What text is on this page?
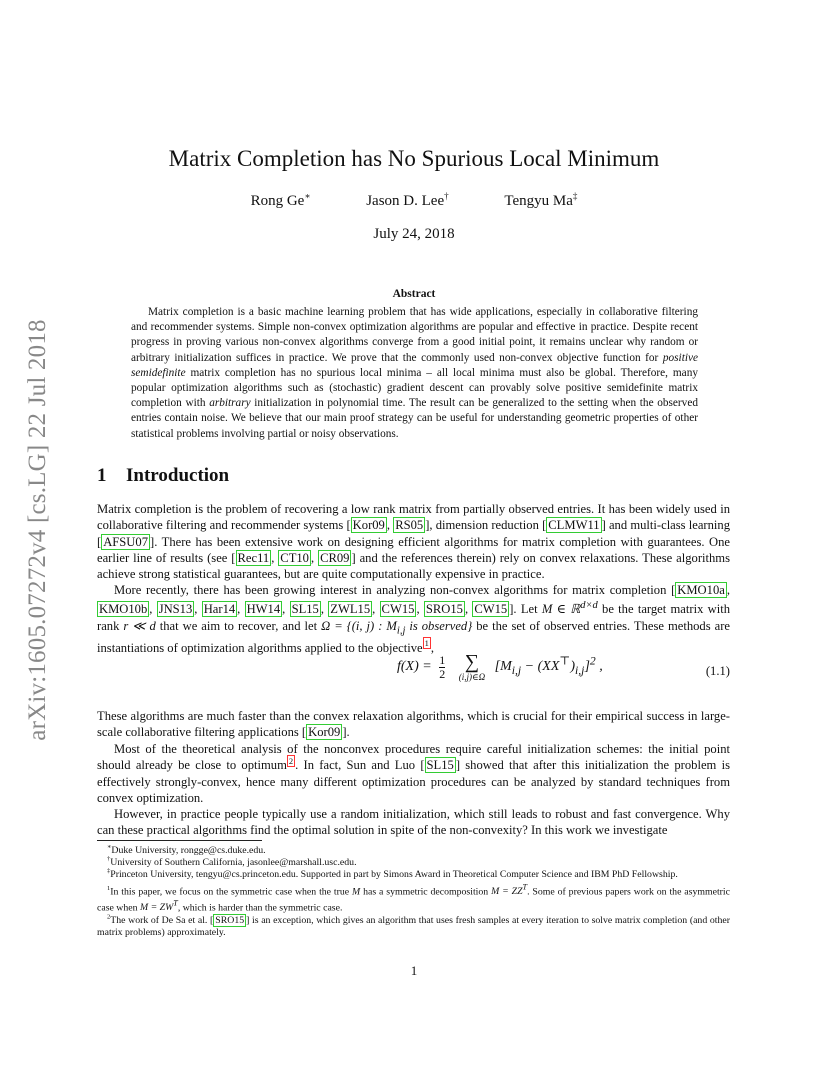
arXiv:1605.07272v4 [cs.LG] 22 Jul 2018
Matrix Completion has No Spurious Local Minimum
Rong Ge∗	Jason D. Lee†	Tengyu Ma‡
July 24, 2018
Abstract
Matrix completion is a basic machine learning problem that has wide applications, especially in collaborative filtering and recommender systems. Simple non-convex optimization algorithms are popular and effective in practice. Despite recent progress in proving various non-convex algorithms converge from a good initial point, it remains unclear why random or arbitrary initialization suffices in practice. We prove that the commonly used non-convex objective function for positive semidefinite matrix completion has no spurious local minima – all local minima must also be global. Therefore, many popular optimization algorithms such as (stochastic) gradient descent can provably solve positive semidefinite matrix completion with arbitrary initialization in polynomial time. The result can be generalized to the setting when the observed entries contain noise. We believe that our main proof strategy can be useful for understanding geometric properties of other statistical problems involving partial or noisy observations.
1 Introduction
Matrix completion is the problem of recovering a low rank matrix from partially observed entries. It has been widely used in collaborative filtering and recommender systems [ Kor09 , RS05 ], dimension reduction [ CLMW11 ] and multi-class learning [ AFSU07 ]. There has been extensive work on designing efficient algorithms for matrix completion with guarantees. One earlier line of results (see [ Rec11 , CT10 , CR09 ] and the references therein) rely on convex relaxations. These algorithms achieve strong statistical guarantees, but are quite computationally expensive in practice.
More recently, there has been growing interest in analyzing non-convex algorithms for matrix completion [ KMO10a , KMO10b , JNS13 , Har14 , HW14 , SL15 , ZWL15 , CW15 , SRO15 , CW15 ]. Let M ∈ ℝ$^{d\times d}$ be the target matrix with rank r ≪ d that we aim to recover, and let Ω = {(i, j) : $M_{i,j}$ is observed} be the set of observed entries. These methods are instantiations of optimization algorithms applied to the objective $^1$ ,
$f(X) = \frac{1}{2}$
∑
(i,j)∈Ω
$[M_{i,j} - (XX^⊤)_{i,j}]^2$ ,	(1.1)
These algorithms are much faster than the convex relaxation algorithms, which is crucial for their empirical success in large-scale collaborative filtering applications [ Kor09 ].
Most of the theoretical analysis of the nonconvex procedures require careful initialization schemes: the initial point should already be close to optimum $^2$ . In fact, Sun and Luo [ SL15 ] showed that after this initialization the problem is effectively strongly-convex, hence many different optimization procedures can be analyzed by standard techniques from convex optimization.
However, in practice people typically use a random initialization, which still leads to robust and fast convergence. Why can these practical algorithms find the optimal solution in spite of the non-convexity? In this work we investigate
∗Duke University, rongge@cs.duke.edu.
†University of Southern California, jasonlee@marshall.usc.edu.
‡Princeton University, tengyu@cs.princeton.edu. Supported in part by Simons Award in Theoretical Computer Science and IBM PhD Fellowship.
$^1$In this paper, we focus on the symmetric case when the true M has a symmetric decomposition $M = ZZ^T$. Some of previous papers work on the asymmetric case when $M = ZW^T$, which is harder than the symmetric case.
$^2$The work of De Sa et al. [ SRO15 ] is an exception, which gives an algorithm that uses fresh samples at every iteration to solve matrix completion (and other matrix problems) approximately.
1
